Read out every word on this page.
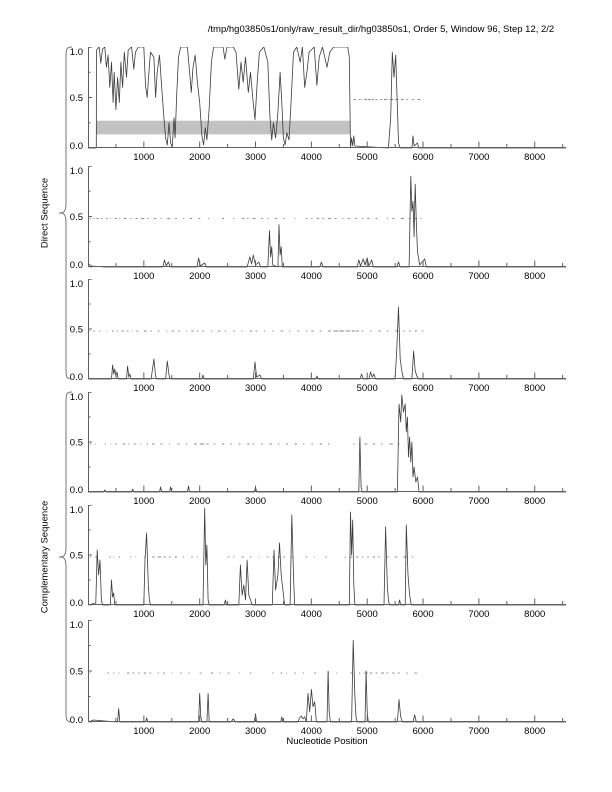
/tmp/hg03850s1/only/raw_result_dir/hg03850s1, Order 5, Window 96, Step 12, 2/2
0.0
0.5
1.0
1000	2000	3000	4000	5000	6000	7000	8000
0.0
0.5
1.0
1000	2000	3000	4000	5000	6000	7000	8000
0.0
0.5
1.0
1000	2000	3000	4000	5000	6000	7000	8000
0.0
0.5
1.0
1000	2000	3000	4000	5000	6000	7000	8000
0.0
0.5
1.0
1000	2000	3000	4000	5000	6000	7000	8000
0.0
0.5
1.0
1000	2000	3000	4000	5000	6000	7000	8000
Direct Sequence
Complementary Sequence
Nucleotide Position
